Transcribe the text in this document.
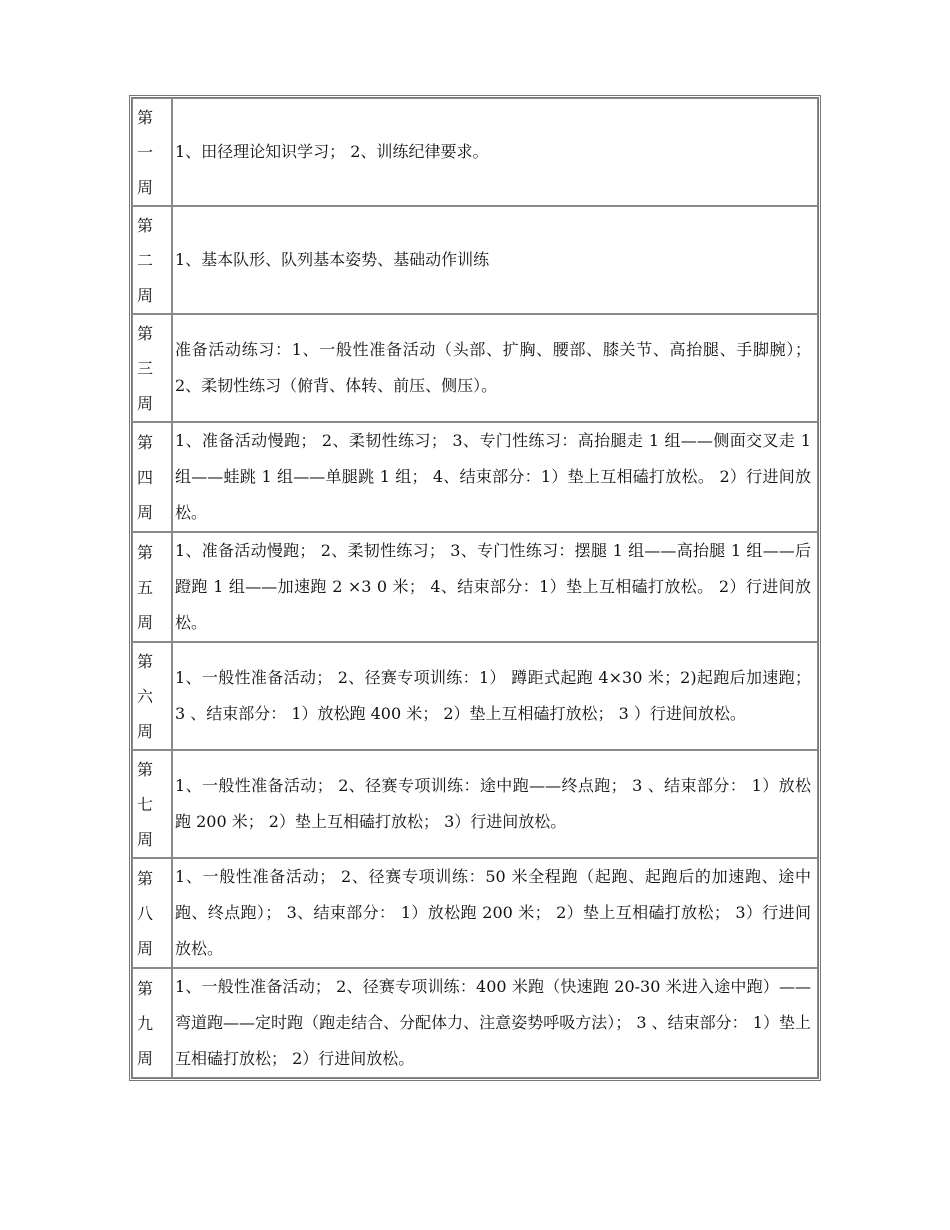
第
一
周	1、田径理论知识学习； 2、训练纪律要求。

第
二
周	1、基本队形、队列基本姿势、基础动作训练

第
三
周	准备活动练习：1、一般性准备活动（头部、扩胸、腰部、膝关节、高抬腿、手脚腕）；2、柔韧性练习（俯背、体转、前压、侧压）。

第
四
周	1、准备活动慢跑； 2、柔韧性练习； 3、专门性练习：高抬腿走 1 组——侧面交叉走 1 组——蛙跳 1 组——单腿跳 1 组； 4、结束部分：1）垫上互相磕打放松。 2）行进间放松。

第
五
周	1、准备活动慢跑； 2、柔韧性练习； 3、专门性练习：摆腿 1 组——高抬腿 1 组——后蹬跑 1 组——加速跑 2 ×3 0 米； 4、结束部分：1）垫上互相磕打放松。 2）行进间放松。

第
六
周	1、一般性准备活动； 2、径赛专项训练：1） 蹲距式起跑 4×30 米；2)起跑后加速跑； 3 、结束部分： 1）放松跑 400 米； 2）垫上互相磕打放松； 3 ）行进间放松。

第
七
周	1、一般性准备活动； 2、径赛专项训练：途中跑——终点跑； 3 、结束部分： 1）放松跑 200 米； 2）垫上互相磕打放松； 3）行进间放松。

第
八
周	1、一般性准备活动； 2、径赛专项训练：50 米全程跑（起跑、起跑后的加速跑、途中跑、终点跑）； 3、结束部分： 1）放松跑 200 米； 2）垫上互相磕打放松； 3）行进间放松。

第
九
周	1、一般性准备活动； 2、径赛专项训练：400 米跑（快速跑 20-30 米进入途中跑）——弯道跑——定时跑（跑走结合、分配体力、注意姿势呼吸方法）； 3 、结束部分： 1）垫上互相磕打放松； 2）行进间放松。
